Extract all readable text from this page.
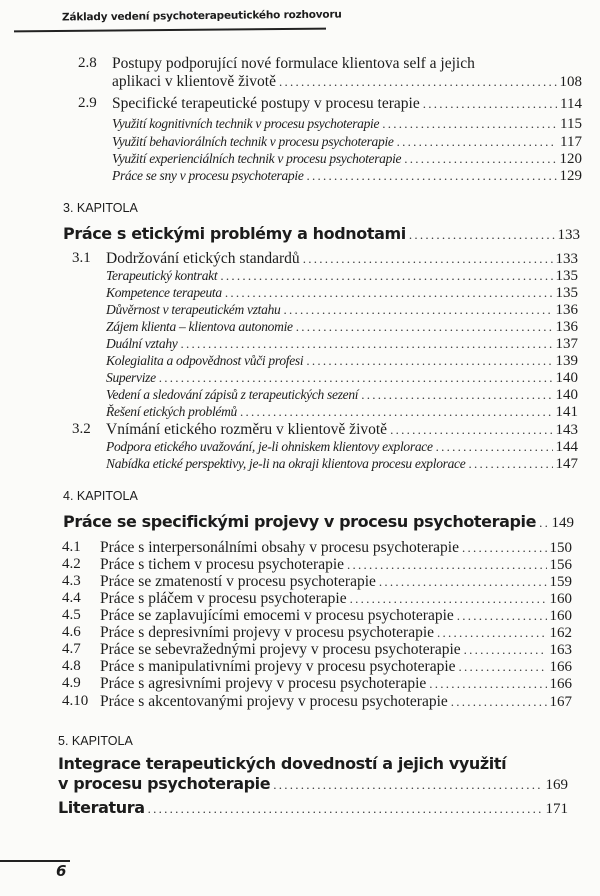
Základy vedení psychoterapeutického rozhovoru
2.8 Postupy podporující nové formulace klientova self a jejich
aplikaci v klientově životě . . .	108
2.9 Specifické terapeutické postupy v procesu terapie . . .	114
Využití kognitivních technik v procesu psychoterapie . . .	115
Využití behaviorálních technik v procesu psychoterapie . . .	117
Využití experienciálních technik v procesu psychoterapie . . .	120
Práce se sny v procesu psychoterapie . . .	129
3. KAPITOLA
Práce s etickými problémy a hodnotami . . .	133
3.1 Dodržování etických standardů . . .	133
Terapeutický kontrakt . . .	135
Kompetence terapeuta . . .	135
Důvěrnost v terapeutickém vztahu . . .	136
Zájem klienta – klientova autonomie . . .	136
Duální vztahy . . .	137
Kolegialita a odpovědnost vůči profesi . . .	139
Supervize . . .	140
Vedení a sledování zápisů z terapeutických sezení . . .	140
Řešení etických problémů . . .	141
3.2 Vnímání etického rozměru v klientově životě . . .	143
Podpora etického uvažování, je-li ohniskem klientovy explorace . . .	144
Nabídka etické perspektivy, je-li na okraji klientova procesu explorace . . .	147
4. KAPITOLA
Práce se specifickými projevy v procesu psychoterapie . . . 149
4.1 Práce s interpersonálními obsahy v procesu psychoterapie . . .	150
4.2 Práce s tichem v procesu psychoterapie . . .	156
4.3 Práce se zmateností v procesu psychoterapie . . .	159
4.4 Práce s pláčem v procesu psychoterapie . . .	160
4.5 Práce se zaplavujícími emocemi v procesu psychoterapie . . .	160
4.6 Práce s depresivními projevy v procesu psychoterapie . . .	162
4.7 Práce se sebevražednými projevy v procesu psychoterapie . . .	163
4.8 Práce s manipulativními projevy v procesu psychoterapie . . .	166
4.9 Práce s agresivními projevy v procesu psychoterapie . . .	166
4.10 Práce s akcentovanými projevy v procesu psychoterapie . . .	167
5. KAPITOLA
Integrace terapeutických dovedností a jejich využití
v procesu psychoterapie . . .	169
Literatura . . .	171
6
